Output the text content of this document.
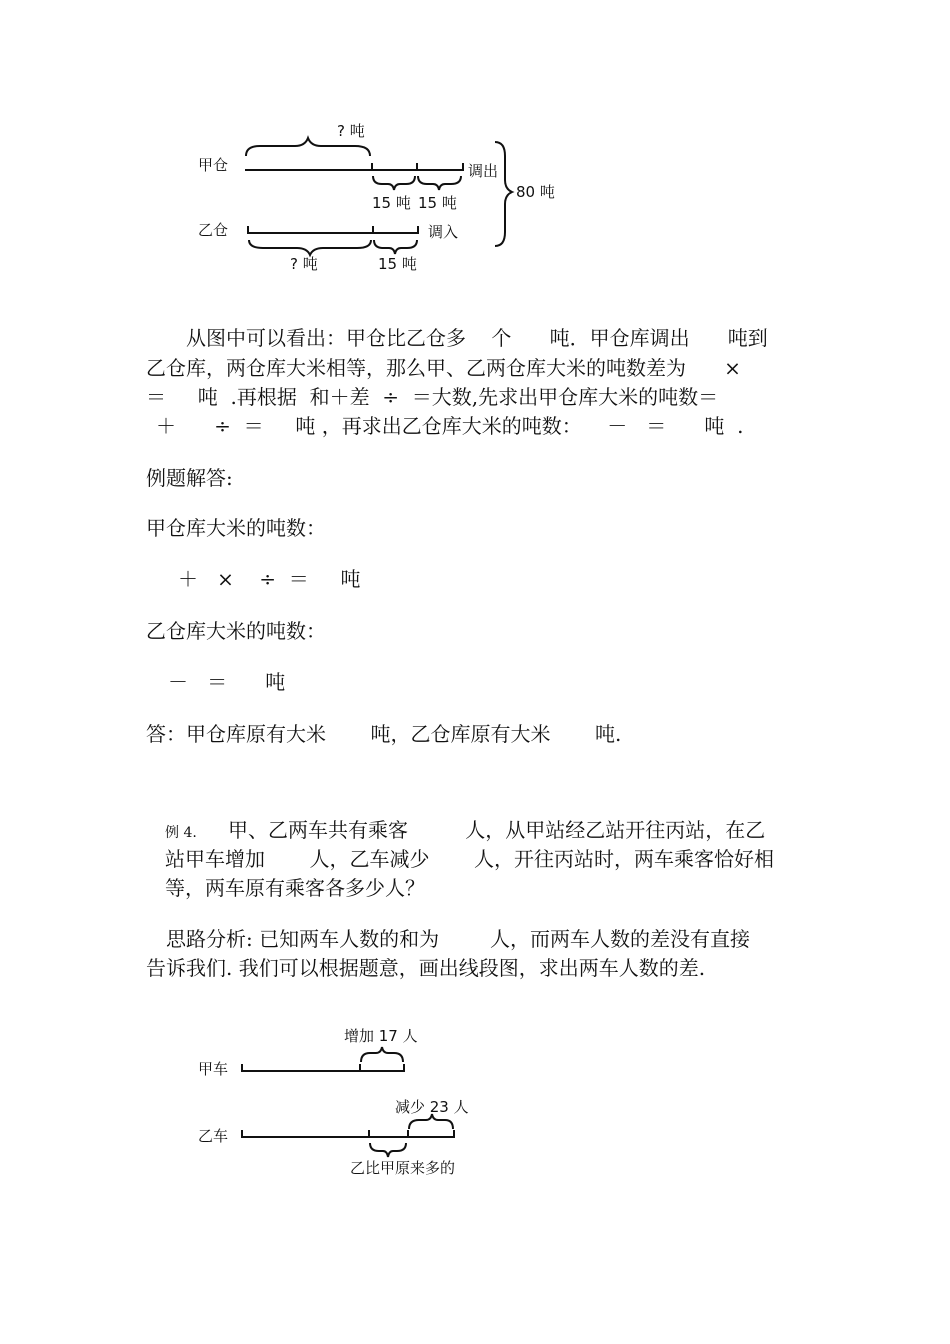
? 吨
甲仓
15 吨 15 吨
调出
80 吨
乙仓
? 吨	15 吨
调入
从图中可以看出：甲仓比乙仓多    个      吨．甲仓库调出      吨到
乙仓库，两仓库大米相等，那么甲、乙两仓库大米的吨数差为      ×
＝     吨  .再根据  和＋差  ÷  ＝大数,先求出甲仓库大米的吨数＝
＋      ÷  ＝     吨 ，再求出乙仓库大米的吨数：    －   ＝      吨  .
例题解答:
甲仓库大米的吨数：
＋   ×    ÷  ＝     吨
乙仓库大米的吨数：
－   ＝      吨
答：甲仓库原有大米       吨，乙仓库原有大米       吨.
例 4. 甲、乙两车共有乘客         人，从甲站经乙站开往丙站，在乙
站甲车增加       人，乙车减少       人，开往丙站时，两车乘客恰好相
等，两车原有乘客各多少人？
思路分析: 已知两车人数的和为        人，而两车人数的差没有直接
告诉我们. 我们可以根据题意，画出线段图，求出两车人数的差.
甲车
增加 17 人
乙车
减少 23 人
乙比甲原来多的
